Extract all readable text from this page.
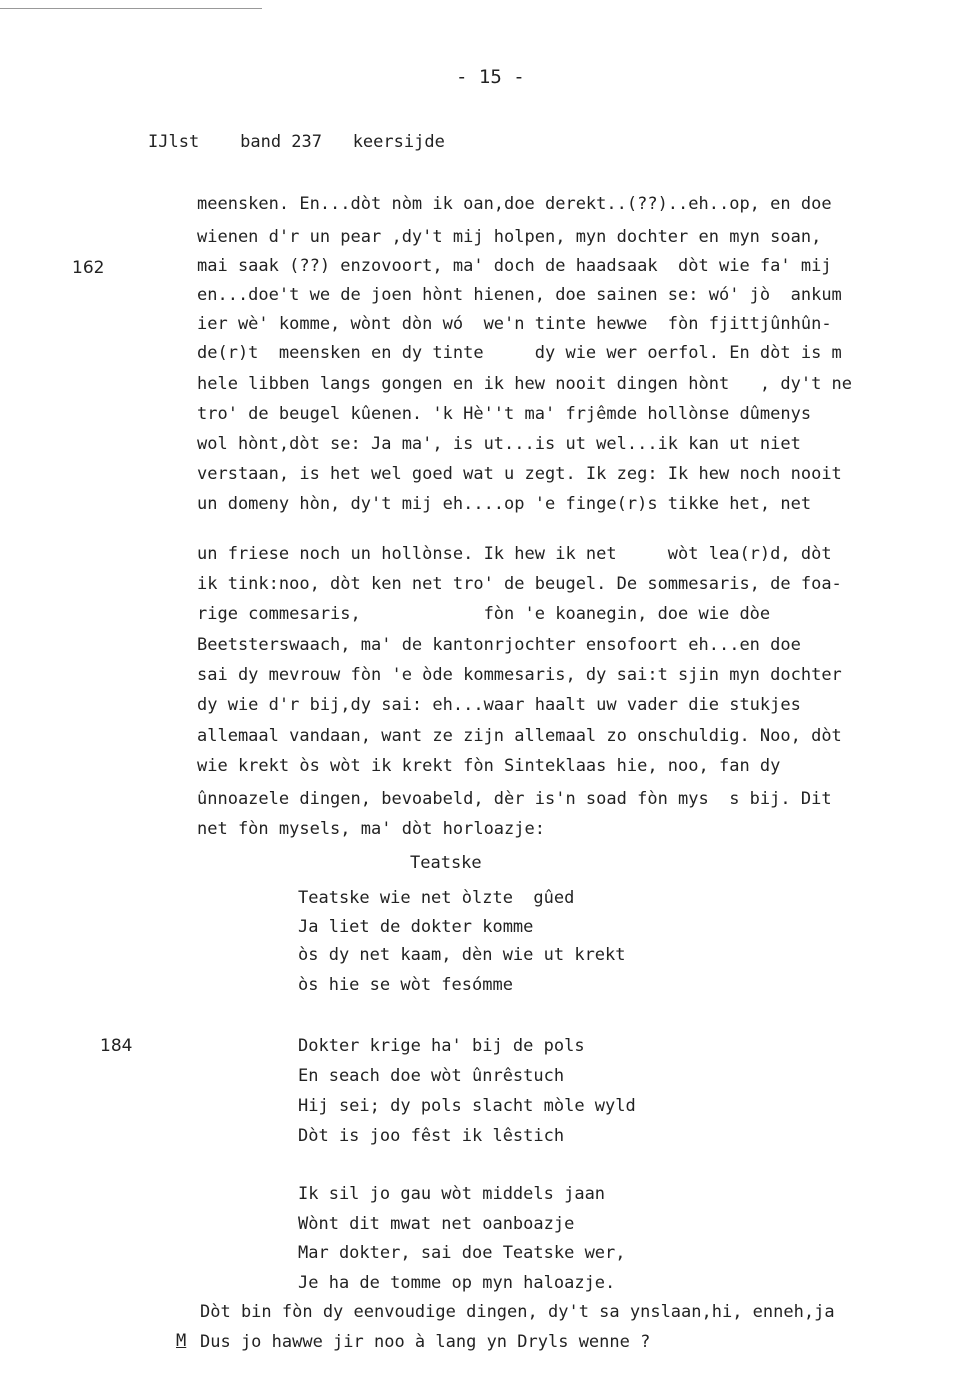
- 15 -
IJlst    band 237   keersijde
162
184
meensken. En...dòt nòm ik oan,doe derekt..(??)..eh..op, en doe
wienen d'r un pear ,dy't mij holpen, myn dochter en myn soan,
mai saak (??) enzovoort, ma' doch de haadsaak  dòt wie fa' mij
en...doe't we de joen hònt hienen, doe sainen se: wó' jò  ankum
ier wè' komme, wònt dòn wó  we'n tinte hewwe  fòn fjittjûnhûn-
de(r)t  meensken en dy tinte     dy wie wer oerfol. En dòt is m
hele libben langs gongen en ik hew nooit dingen hònt   , dy't ne
tro' de beugel kûenen. 'k Hè''t ma' frjêmde hollònse dûmenys
wol hònt,dòt se: Ja ma', is ut...is ut wel...ik kan ut niet
verstaan, is het wel goed wat u zegt. Ik zeg: Ik hew noch nooit
un domeny hòn, dy't mij eh....op 'e finge(r)s tikke het, net
un friese noch un hollònse. Ik hew ik net     wòt lea(r)d, dòt
ik tink:noo, dòt ken net tro' de beugel. De sommesaris, de foa-
rige commesaris,            fòn 'e koanegin, doe wie dòe
Beetsterswaach, ma' de kantonrjochter ensofoort eh...en doe
sai dy mevrouw fòn 'e òde kommesaris, dy sai:t sjin myn dochter
dy wie d'r bij,dy sai: eh...waar haalt uw vader die stukjes
allemaal vandaan, want ze zijn allemaal zo onschuldig. Noo, dòt
wie krekt òs wòt ik krekt fòn Sinteklaas hie, noo, fan dy
ûnnoazele dingen, bevoabeld, dèr is'n soad fòn mys  s bij. Dit
net fòn mysels, ma' dòt horloazje:
Teatske
Teatske wie net òlzte  gûed
Ja liet de dokter komme
òs dy net kaam, dèn wie ut krekt
òs hie se wòt fesómme
Dokter krige ha' bij de pols
En seach doe wòt ûnrêstuch
Hij sei; dy pols slacht mòle wyld
Dòt is joo fêst ik lêstich
Ik sil jo gau wòt middels jaan
Wònt dit mwat net oanboazje
Mar dokter, sai doe Teatske wer,
Je ha de tomme op myn haloazje.
Dòt bin fòn dy eenvoudige dingen, dy't sa ynslaan,hi, enneh,ja
M Dus jo hawwe jir noo à lang yn Dryls wenne ?
